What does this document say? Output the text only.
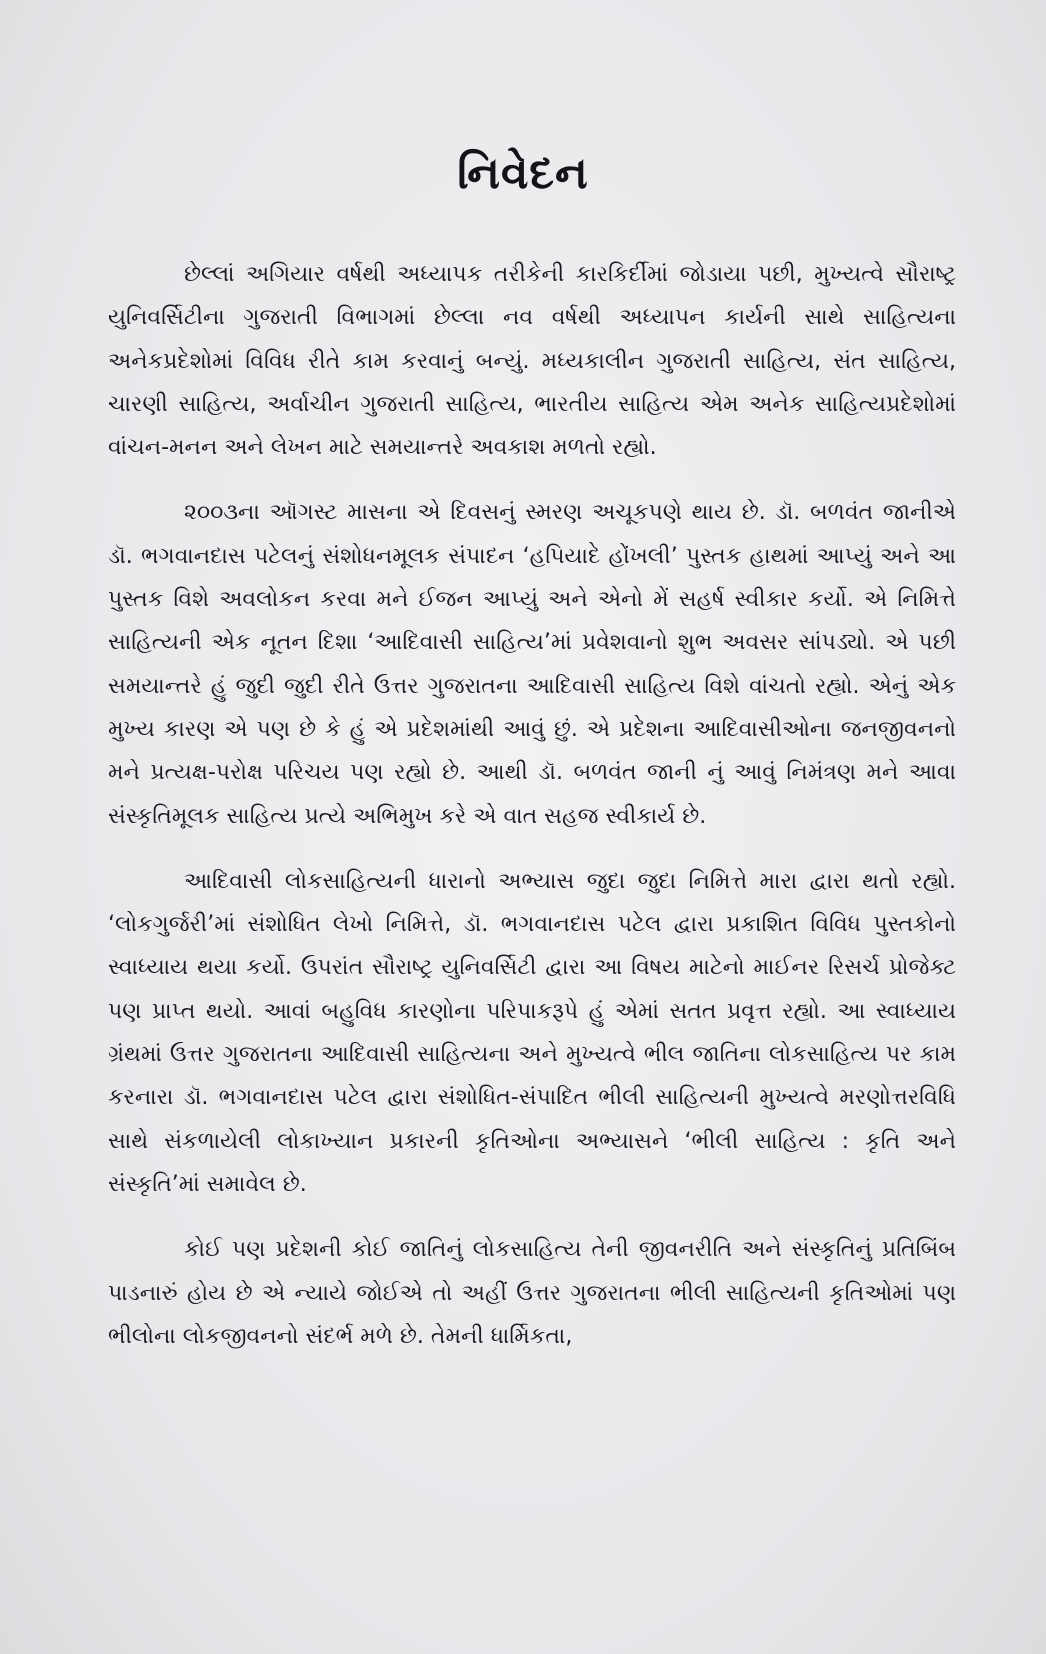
નિવેદન

છેલ્લાં અગિયાર વર્ષથી અધ્યાપક તરીકેની કારકિર્દીમાં જોડાયા પછી, મુખ્યત્વે સૌરાષ્ટ્ર યુનિવર્સિટીના ગુજરાતી વિભાગમાં છેલ્લા નવ વર્ષથી અધ્યાપન કાર્યની સાથે સાહિત્યના અનેકપ્રદેશોમાં વિવિધ રીતે કામ કરવાનું બન્યું. મધ્યકાલીન ગુજરાતી સાહિત્ય, સંત સાહિત્ય, ચારણી સાહિત્ય, અર્વાચીન ગુજરાતી સાહિત્ય, ભારતીય સાહિત્ય એમ અનેક સાહિત્યપ્રદેશોમાં વાંચન-મનન અને લેખન માટે સમયાન્તરે અવકાશ મળતો રહ્યો.

૨૦૦૩ના ઑગસ્ટ માસના એ દિવસનું સ્મરણ અચૂકપણે થાય છે. ડૉ. બળવંત જાનીએ ડૉ. ભગવાનદાસ પટેલનું સંશોધનમૂલક સંપાદન ‘હપિયાદે હોંખલી’ પુસ્તક હાથમાં આપ્યું અને આ પુસ્તક વિશે અવલોકન કરવા મને ઈજન આપ્યું અને એનો મેં સહર્ષ સ્વીકાર કર્યો. એ નિમિત્તે સાહિત્યની એક નૂતન દિશા ‘આદિવાસી સાહિત્ય’માં પ્રવેશવાનો શુભ અવસર સાંપડ્યો. એ પછી સમયાન્તરે હું જુદી જુદી રીતે ઉત્તર ગુજરાતના આદિવાસી સાહિત્ય વિશે વાંચતો રહ્યો. એનું એક મુખ્ય કારણ એ પણ છે કે હું એ પ્રદેશમાંથી આવું છું. એ પ્રદેશના આદિવાસીઓના જનજીવનનો મને પ્રત્યક્ષ-પરોક્ષ પરિચય પણ રહ્યો છે. આથી ડૉ. બળવંત જાની નું આવું નિમંત્રણ મને આવા સંસ્કૃતિમૂલક સાહિત્ય પ્રત્યે અભિમુખ કરે એ વાત સહજ સ્વીકાર્ય છે.

આદિવાસી લોકસાહિત્યની ધારાનો અભ્યાસ જુદા જુદા નિમિત્તે મારા દ્વારા થતો રહ્યો. ‘લોકગુર્જરી’માં સંશોધિત લેખો નિમિત્તે, ડૉ. ભગવાનદાસ પટેલ દ્વારા પ્રકાશિત વિવિધ પુસ્તકોનો સ્વાધ્યાય થયા કર્યો. ઉપરાંત સૌરાષ્ટ્ર યુનિવર્સિટી દ્વારા આ વિષય માટેનો માઈનર રિસર્ચ પ્રોજેક્ટ પણ પ્રાપ્ત થયો. આવાં બહુવિધ કારણોના પરિપાકરૂપે હું એમાં સતત પ્રવૃત્ત રહ્યો. આ સ્વાધ્યાય ગ્રંથમાં ઉત્તર ગુજરાતના આદિવાસી સાહિત્યના અને મુખ્યત્વે ભીલ જાતિના લોકસાહિત્ય પર કામ કરનારા ડૉ. ભગવાનદાસ પટેલ દ્વારા સંશોધિત-સંપાદિત ભીલી સાહિત્યની મુખ્યત્વે મરણોત્તરવિધિ સાથે સંકળાયેલી લોકાખ્યાન પ્રકારની કૃતિઓના અભ્યાસને ‘ભીલી સાહિત્ય : કૃતિ અને સંસ્કૃતિ’માં સમાવેલ છે.

કોઈ પણ પ્રદેશની કોઈ જાતિનું લોકસાહિત્ય તેની જીવનરીતિ અને સંસ્કૃતિનું પ્રતિબિંબ પાડનારું હોય છે એ ન્યાયે જોઈએ તો અહીં ઉત્તર ગુજરાતના ભીલી સાહિત્યની કૃતિઓમાં પણ ભીલોના લોકજીવનનો સંદર્ભ મળે છે. તેમની ધાર્મિકતા,
